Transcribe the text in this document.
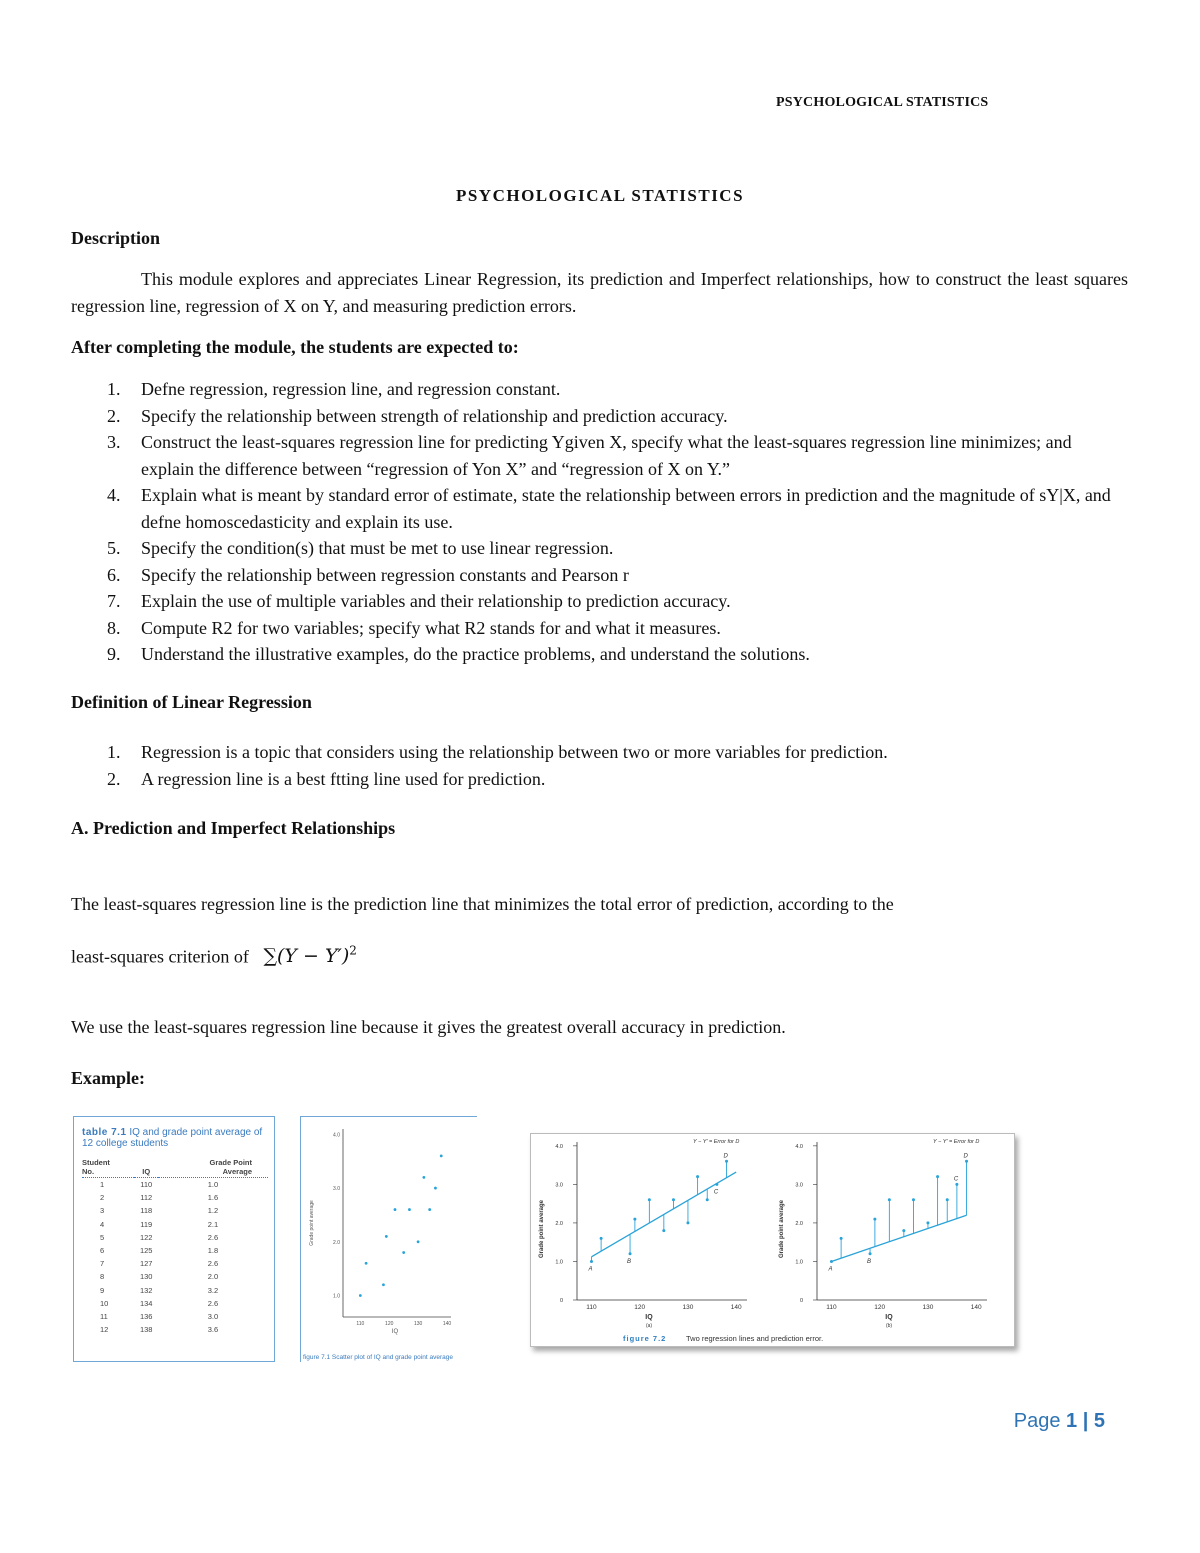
PSYCHOLOGICAL STATISTICS
PSYCHOLOGICAL STATISTICS
Description
This module explores and appreciates Linear Regression, its prediction and Imperfect relationships, how to construct the least squares regression line, regression of X on Y, and measuring prediction errors.
After completing the module, the students are expected to:
1.	Defne regression, regression line, and regression constant.
2.	Specify the relationship between strength of relationship and prediction accuracy.
3.	Construct the least-squares regression line for predicting Ygiven X, specify what the least-squares regression line minimizes; and explain the difference between “regression of Yon X” and “regression of X on Y.”
4.	Explain what is meant by standard error of estimate, state the relationship between errors in prediction and the magnitude of sY|X, and defne homoscedasticity and explain its use.
5.	Specify the condition(s) that must be met to use linear regression.
6.	Specify the relationship between regression constants and Pearson r
7.	Explain the use of multiple variables and their relationship to prediction accuracy.
8.	Compute R2 for two variables; specify what R2 stands for and what it measures.
9.	Understand the illustrative examples, do the practice problems, and understand the solutions.
Definition of Linear Regression
1.	Regression is a topic that considers using the relationship between two or more variables for prediction.
2.	A regression line is a best ftting line used for prediction.
A. Prediction and Imperfect Relationships
The least-squares regression line is the prediction line that minimizes the total error of prediction, according to the
least-squares criterion of $\sum(Y - Y')^2$
We use the least-squares regression line because it gives the greatest overall accuracy in prediction.
Example:
table 7.1 IQ and grade point average of 12 college students
Student
No.	IQ	Grade Point
Average
1	110	1.0
2	112	1.6
3	118	1.2
4	119	2.1
5	122	2.6
6	125	1.8
7	127	2.6
8	130	2.0
9	132	3.2
10	134	2.6
11	136	3.0
12	138	3.6
1.0
2.0
3.0
4.0
110	120	130	140
IQ
Grade point average
figure 7.1 Scatter plot of IQ and grade point average
0
1.0
2.0
3.0
4.0
110	120	130	140
IQ
(a)
Grade point average
A
B
C
D
Y − Y′ = Error for D
0
1.0
2.0
3.0
4.0
110	120	130	140
IQ
(b)
Grade point average
A
B
C
D
Y − Y′ = Error for D
figure 7.2	Two regression lines and prediction error.
Page 1 | 5
